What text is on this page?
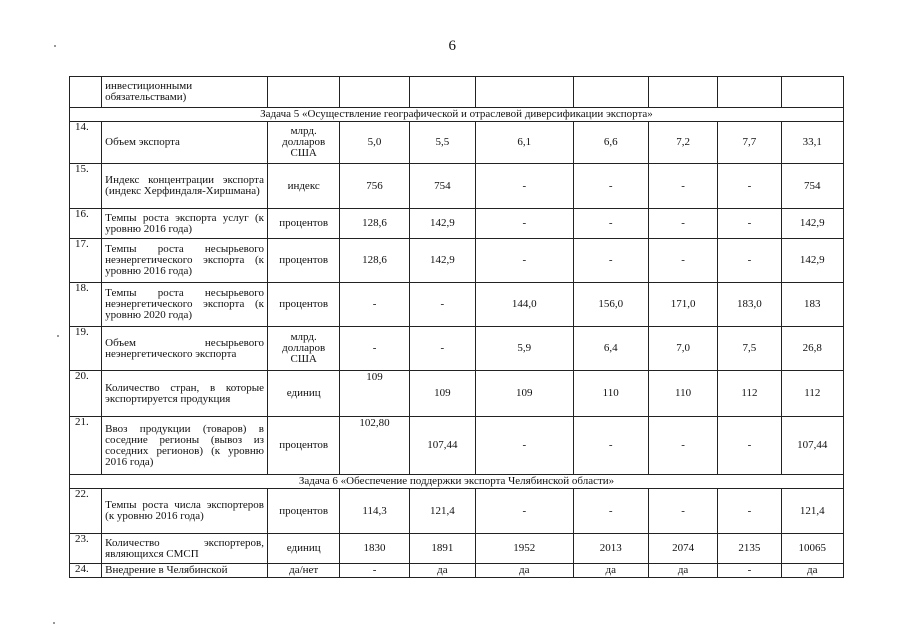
6
	инвестиционными обязательствами)								
Задача 5 «Осуществление географической и отраслевой диверсификации экспорта»									
14.	Объем экспорта	млрд. долларов США	5,0	5,5	6,1	6,6	7,2	7,7	33,1
15.	Индекс концентрации экспорта (индекс Херфиндаля-Хиршмана)	индекс	756	754	-	-	-	-	754
16.	Темпы роста экспорта услуг (к уровню 2016 года)	процентов	128,6	142,9	-	-	-	-	142,9
17.	Темпы роста несырьевого неэнергетического экспорта (к уровню 2016 года)	процентов	128,6	142,9	-	-	-	-	142,9
18.	Темпы роста несырьевого неэнергетического экспорта (к уровню 2020 года)	процентов	-	-	144,0	156,0	171,0	183,0	183
19.	Объем несырьевого неэнергетического экспорта	млрд. долларов США	-	-	5,9	6,4	7,0	7,5	26,8
20.	Количество стран, в которые экспортируется продукция	единиц	109	109	109	110	110	112	112
21.	Ввоз продукции (товаров) в соседние регионы (вывоз из соседних регионов) (к уровню 2016 года)	процентов	102,80	107,44	-	-	-	-	107,44
Задача 6 «Обеспечение поддержки экспорта Челябинской области»									
22.	Темпы роста числа экспортеров (к уровню 2016 года)	процентов	114,3	121,4	-	-	-	-	121,4
23.	Количество экспортеров, являющихся СМСП	единиц	1830	1891	1952	2013	2074	2135	10065
24.	Внедрение в Челябинской	да/нет	-	да	да	да	да	-	да
